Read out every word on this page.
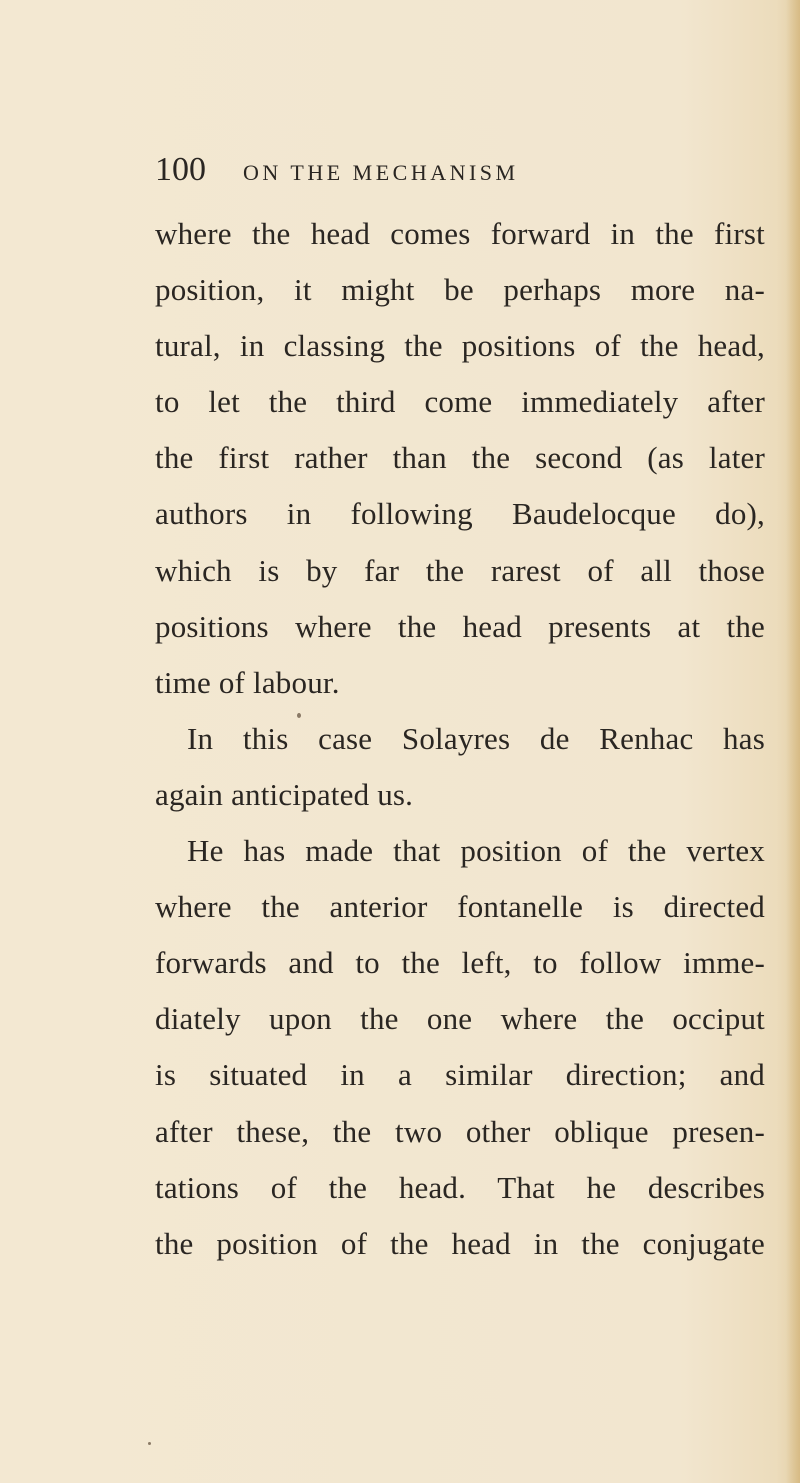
100 ON THE MECHANISM
where the head comes forward in the first
position, it might be perhaps more na-
tural, in classing the positions of the head,
to let the third come immediately after
the first rather than the second (as later
authors in following Baudelocque do),
which is by far the rarest of all those
positions where the head presents at the
time of labour.
In this case Solayres de Renhac has
again anticipated us.
He has made that position of the vertex
where the anterior fontanelle is directed
forwards and to the left, to follow imme-
diately upon the one where the occiput
is situated in a similar direction; and
after these, the two other oblique presen-
tations of the head. That he describes
the position of the head in the conjugate
